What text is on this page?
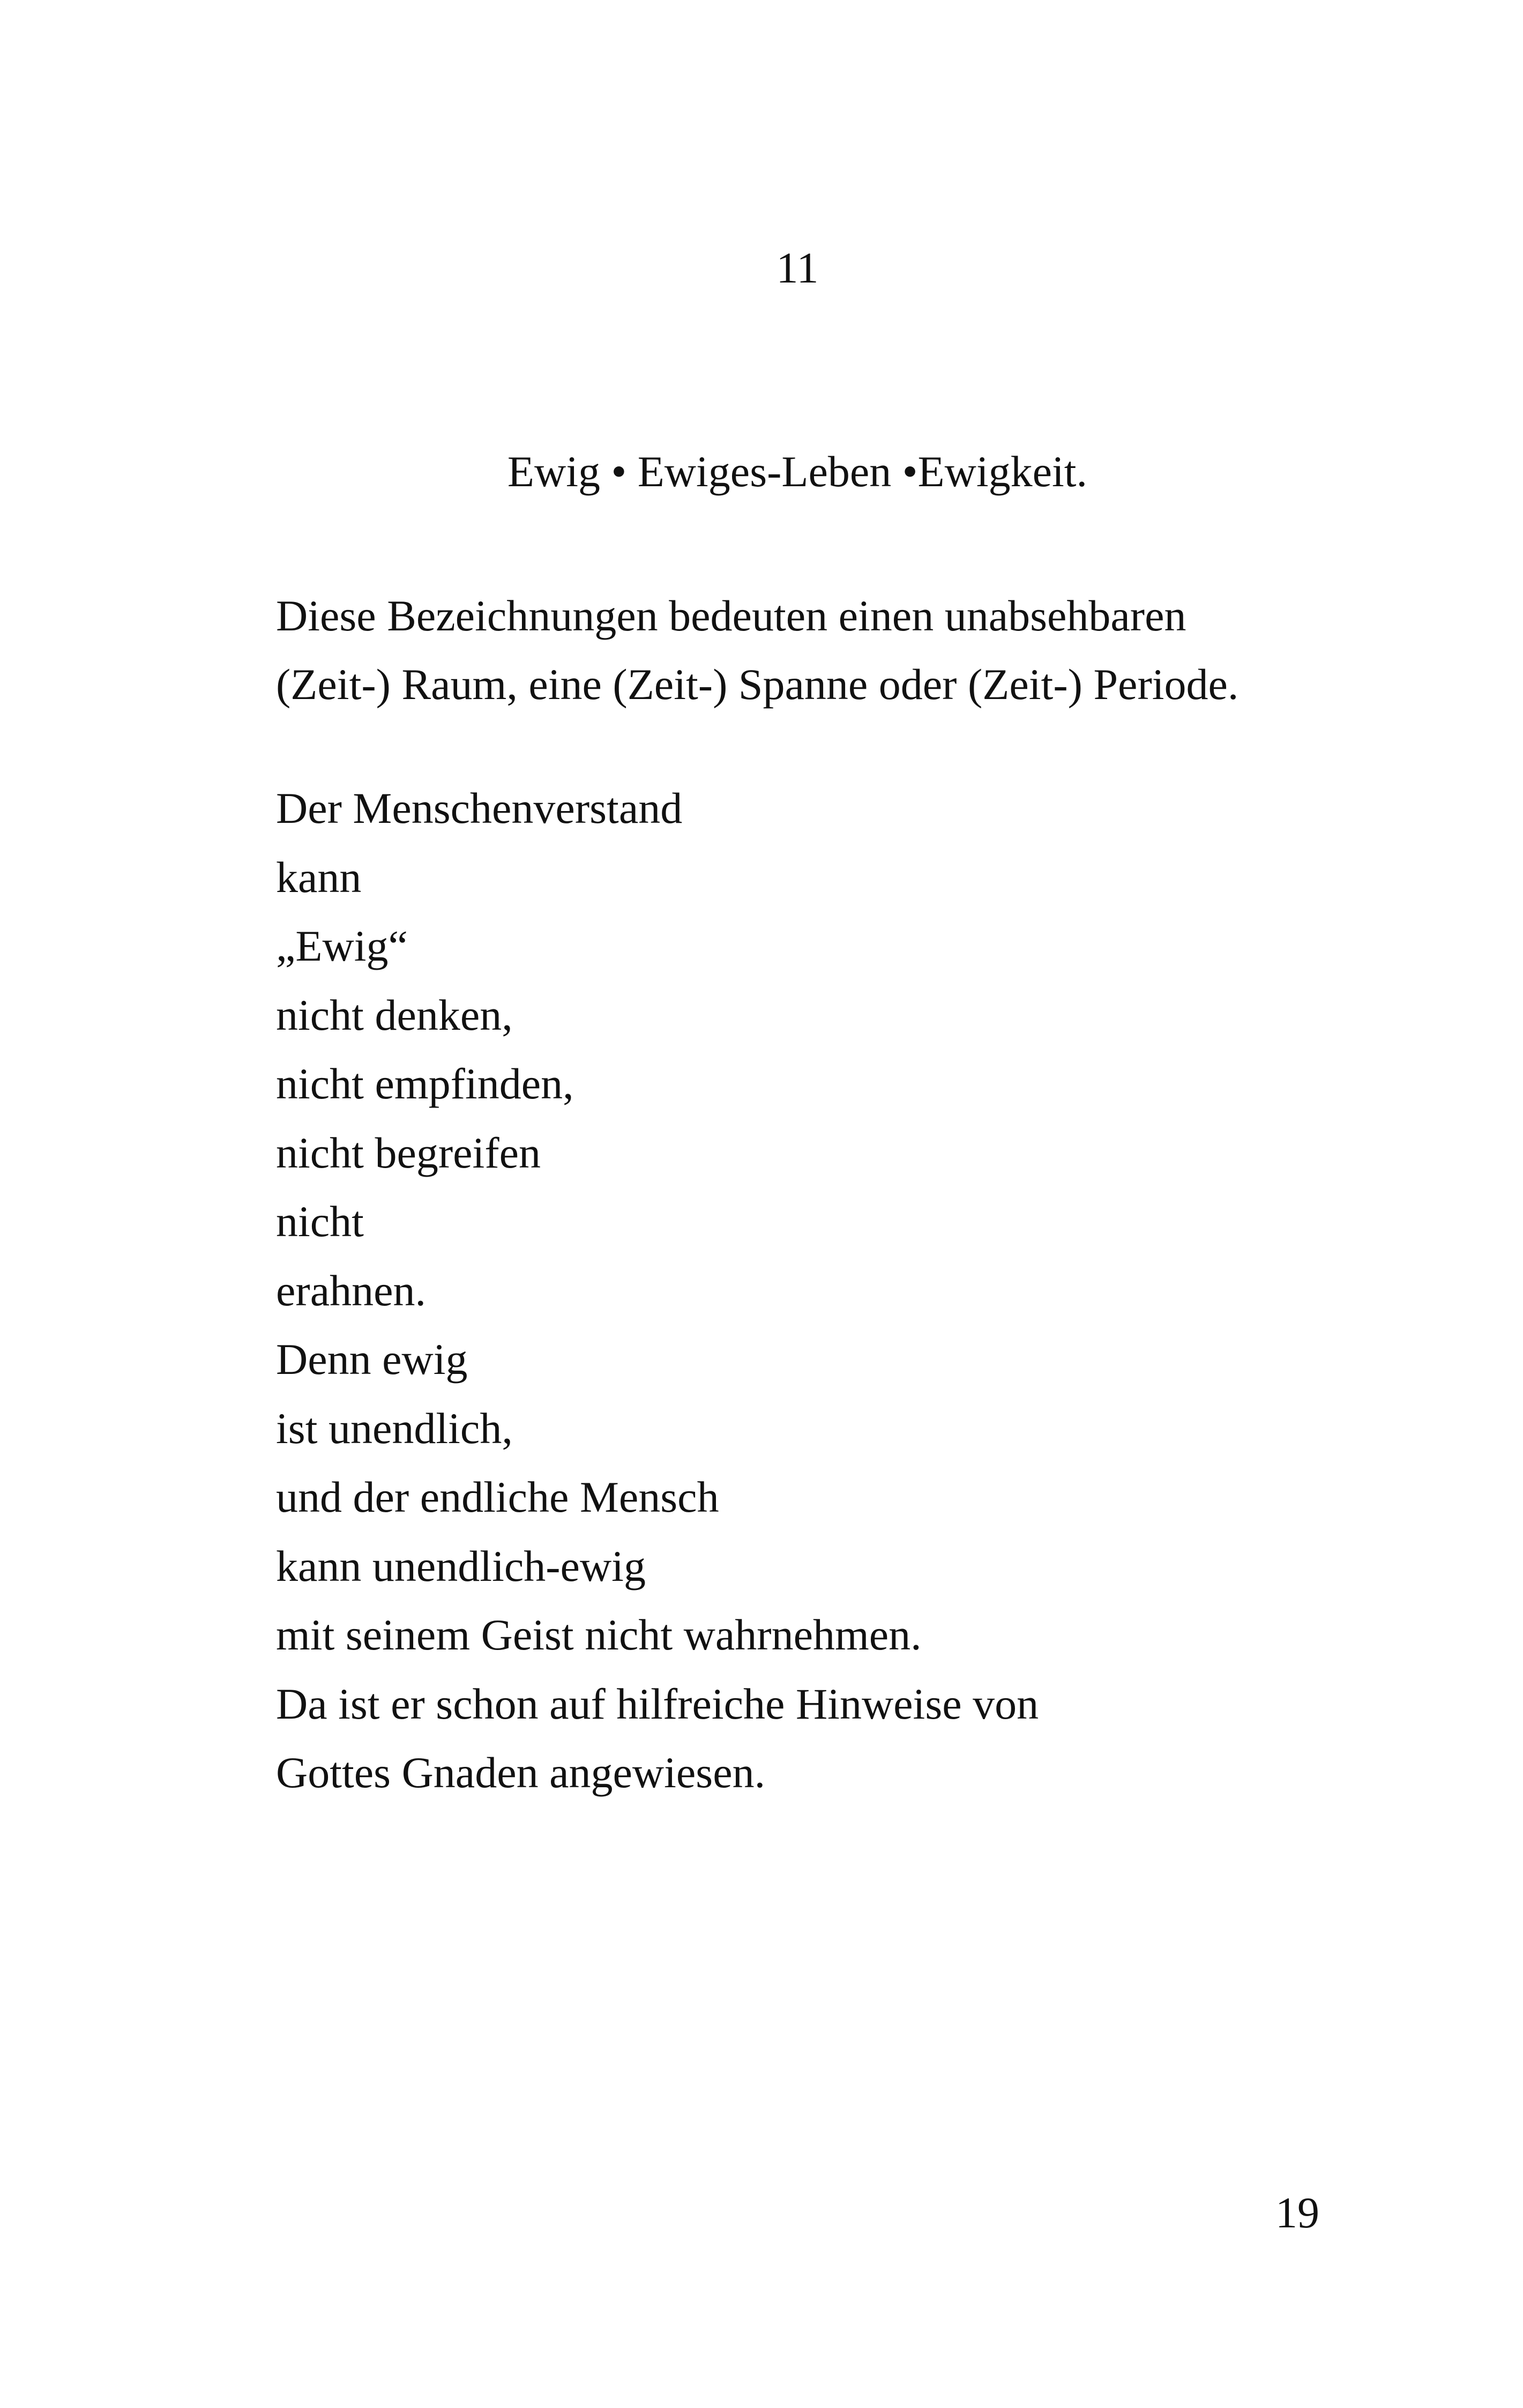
11
Ewig • Ewiges-Leben •Ewigkeit.

Diese Bezeichnungen bedeuten einen unabsehbaren

(Zeit-) Raum, eine (Zeit-) Spanne oder (Zeit-) Periode.

Der Menschenverstand
kann
„Ewig“
nicht denken,
nicht empfinden,
nicht begreifen
nicht
erahnen.
Denn ewig
ist unendlich,
und der endliche Mensch
kann unendlich-ewig
mit seinem Geist nicht wahrnehmen.
Da ist er schon auf hilfreiche Hinweise von
Gottes Gnaden angewiesen.
19
